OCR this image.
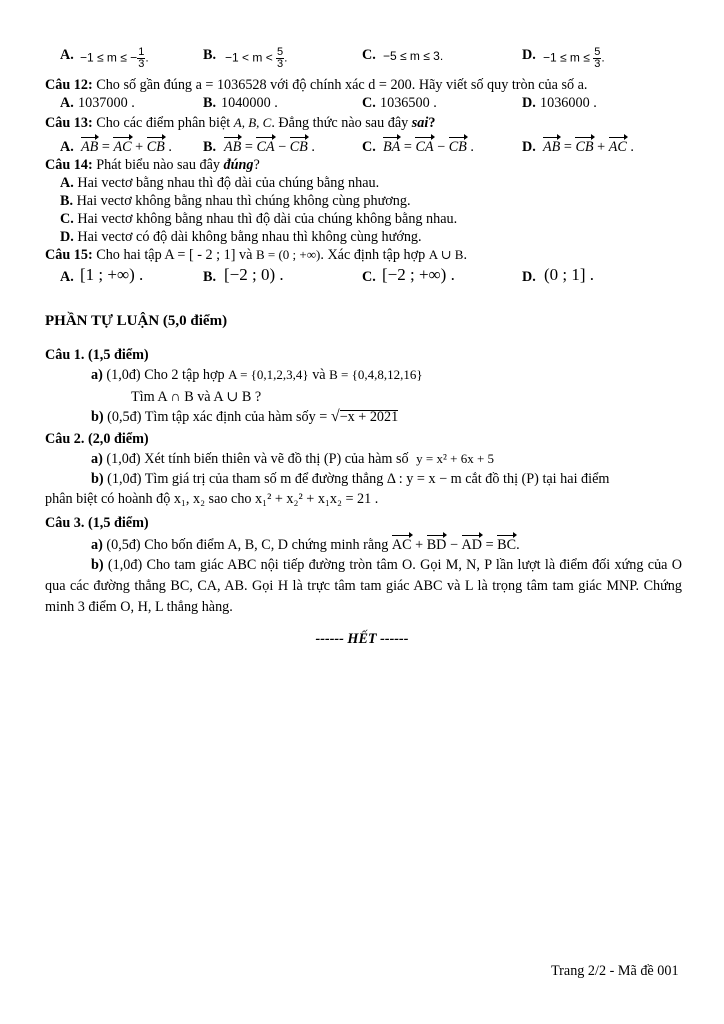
A. −1 ≤ m ≤ − $\frac{1}{3}$ .	B. $-1 < m < \frac{5}{3}$ .	C. −5 ≤ m ≤ 3.	D. $-1 \le m \le \frac{5}{3}$ .
Câu 12: Cho số gần đúng a = 1036528 với độ chính xác d = 200. Hãy viết số quy tròn của số a.
A. 1037000 .	B. 1040000 .	C. 1036500 .	D. 1036000 .
Câu 13: Cho các điểm phân biệt A, B, C. Đẳng thức nào sau đây sai?
A. AB = AC + CB . B. AB = CA − CB .	C. BA = CA − CB .	D. AB = CB + AC .
Câu 14: Phát biểu nào sau đây đúng?
A. Hai vectơ bằng nhau thì độ dài của chúng bằng nhau.
B. Hai vectơ không bằng nhau thì chúng không cùng phương.
C. Hai vectơ không bằng nhau thì độ dài của chúng không bằng nhau.
D. Hai vectơ có độ dài không bằng nhau thì không cùng hướng.
Câu 15: Cho hai tập A = [ - 2 ; 1] và B = (0 ; +∞). Xác định tập hợp A ∪ B.
A. [1 ; +∞) .	B. [−2 ; 0) .	C. [−2 ; +∞) .	D. (0 ; 1] .
PHẦN TỰ LUẬN (5,0 điểm)
Câu 1. (1,5 điểm)
a) (1,0đ) Cho 2 tập hợp A = {0,1,2,3,4} và B = {0,4,8,12,16}
Tìm A ∩ B và A ∪ B ?
b) (0,5đ) Tìm tập xác định của hàm sốy = √−x + 2021
Câu 2. (2,0 điểm)
a) (1,0đ) Xét tính biến thiên và vẽ đồ thị (P) của hàm số y = x² + 6x + 5
b) (1,0đ) Tìm giá trị của tham số m để đường thẳng Δ : y = x − m cắt đồ thị (P) tại hai điểm
phân biệt có hoành độ x₁, x₂ sao cho x₁² + x₂² + x₁x₂ = 21 .
Câu 3. (1,5 điểm)
a) (0,5đ) Cho bốn điểm A, B, C, D chứng minh rằng AC + BD − AD = BC.
b) (1,0đ) Cho tam giác ABC nội tiếp đường tròn tâm O. Gọi M, N, P lần lượt là điểm đối xứng của O qua các đường thẳng BC, CA, AB. Gọi H là trực tâm tam giác ABC và L là trọng tâm tam giác MNP. Chứng minh 3 điểm O, H, L thẳng hàng.
------ HẾT ------
Trang 2/2 - Mã đề 001
